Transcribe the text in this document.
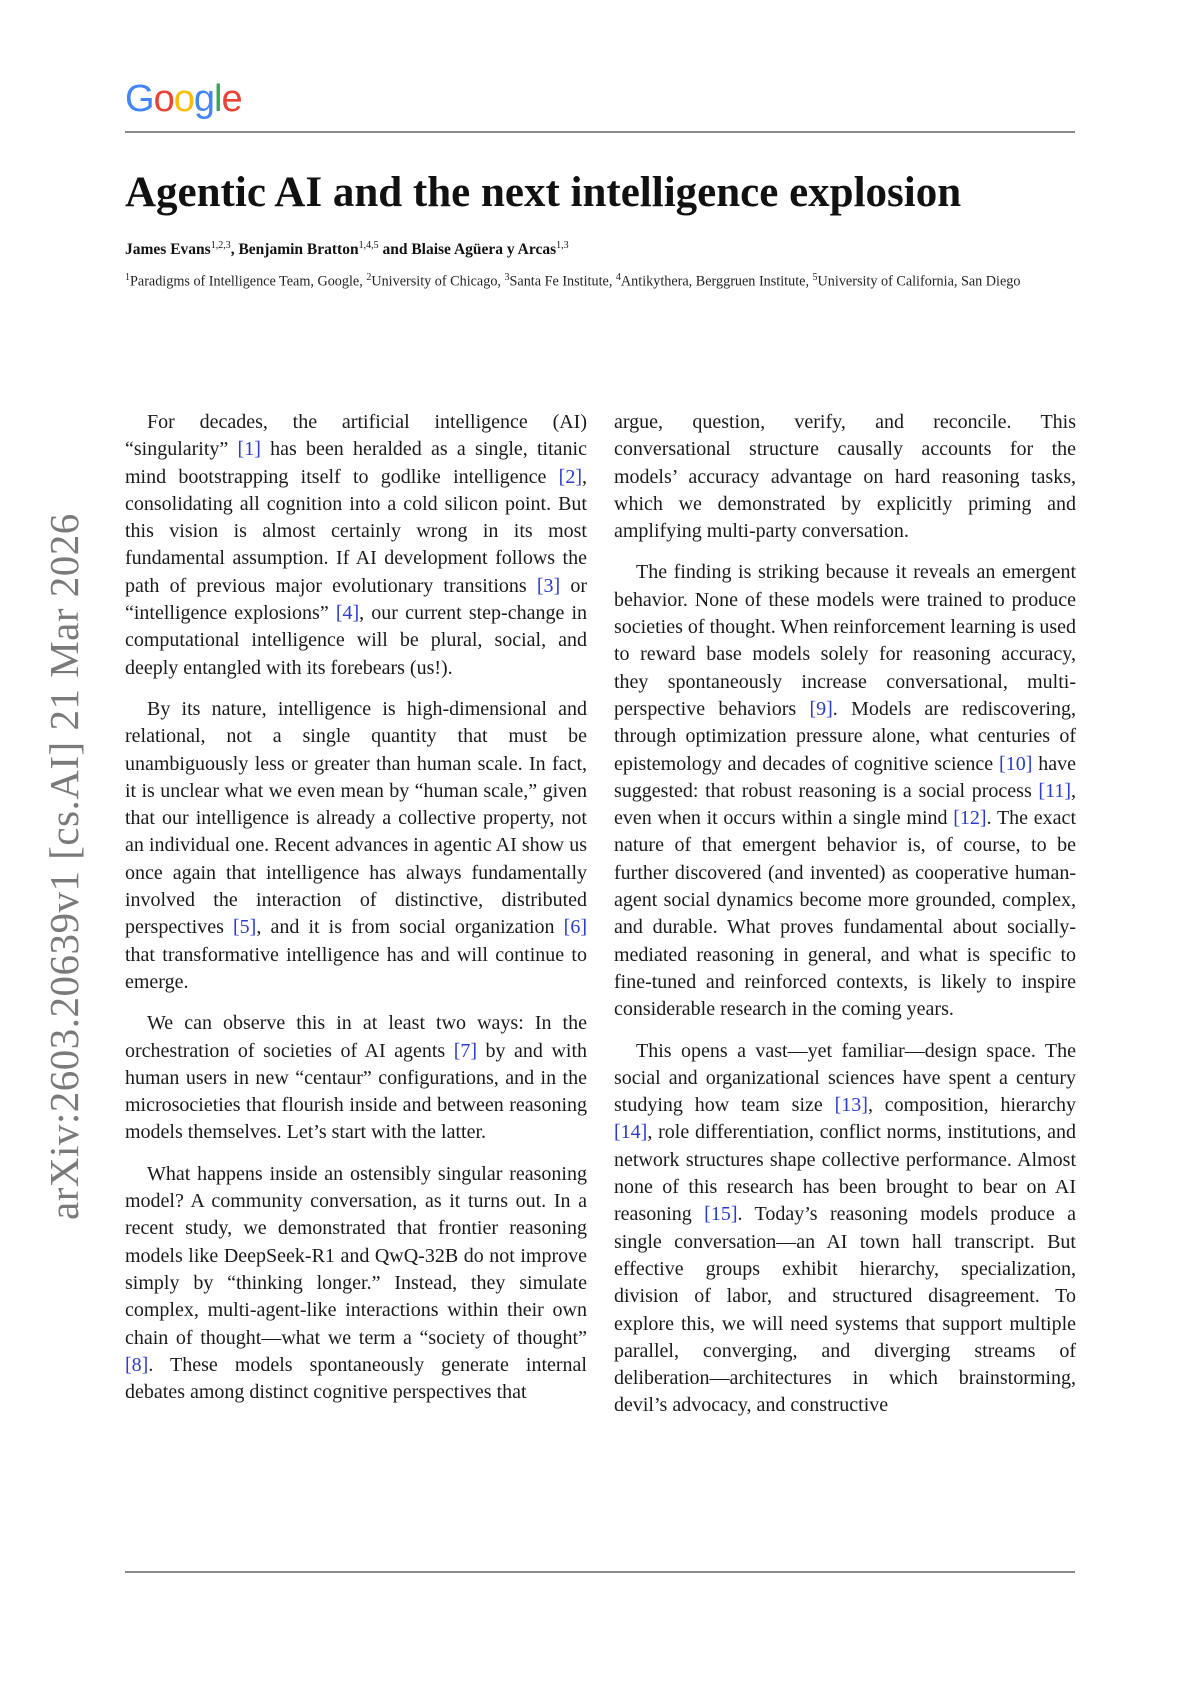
Google
Agentic AI and the next intelligence explosion
James Evans$^{1,2,3}$, Benjamin Bratton$^{1,4,5}$ and Blaise Agüera y Arcas$^{1,3}$
$^1$Paradigms of Intelligence Team, Google, $^2$University of Chicago, $^3$Santa Fe Institute, $^4$Antikythera, Berggruen Institute, $^5$University of California, San Diego
arXiv:2603.20639v1 [cs.AI] 21 Mar 2026

For decades, the artificial intelligence (AI) “singularity” [1] has been heralded as a single, titanic mind bootstrapping itself to godlike intelligence [2], consolidating all cognition into a cold silicon point. But this vision is almost certainly wrong in its most fundamental assumption. If AI development follows the path of previous major evolutionary transitions [3] or “intelligence explosions” [4], our current step-change in computational intelligence will be plural, social, and deeply entangled with its forebears (us!).

By its nature, intelligence is high-dimensional and relational, not a single quantity that must be unambiguously less or greater than human scale. In fact, it is unclear what we even mean by “human scale,” given that our intelligence is already a collective property, not an individual one. Recent advances in agentic AI show us once again that intelligence has always fundamentally involved the interaction of distinctive, distributed perspectives [5], and it is from social organization [6] that transformative intelligence has and will continue to emerge.

We can observe this in at least two ways: In the orchestration of societies of AI agents [7] by and with human users in new “centaur” configurations, and in the microsocieties that flourish inside and between reasoning models themselves. Let’s start with the latter.

What happens inside an ostensibly singular reasoning model? A community conversation, as it turns out. In a recent study, we demonstrated that frontier reasoning models like DeepSeek-R1 and QwQ-32B do not improve simply by “thinking longer.” Instead, they simulate complex, multi-agent-like interactions within their own chain of thought—what we term a “society of thought” [8]. These models spontaneously generate internal debates among distinct cognitive perspectives that

argue, question, verify, and reconcile. This conversational structure causally accounts for the models’ accuracy advantage on hard reasoning tasks, which we demonstrated by explicitly priming and amplifying multi-party conversation.

The finding is striking because it reveals an emergent behavior. None of these models were trained to produce societies of thought. When reinforcement learning is used to reward base models solely for reasoning accuracy, they spontaneously increase conversational, multi-perspective behaviors [9]. Models are rediscovering, through optimization pressure alone, what centuries of epistemology and decades of cognitive science [10] have suggested: that robust reasoning is a social process [11], even when it occurs within a single mind [12]. The exact nature of that emergent behavior is, of course, to be further discovered (and invented) as cooperative human-agent social dynamics become more grounded, complex, and durable. What proves fundamental about socially-mediated reasoning in general, and what is specific to fine-tuned and reinforced contexts, is likely to inspire considerable research in the coming years.

This opens a vast—yet familiar—design space. The social and organizational sciences have spent a century studying how team size [13], composition, hierarchy [14], role differentiation, conflict norms, institutions, and network structures shape collective performance. Almost none of this research has been brought to bear on AI reasoning [15]. Today’s reasoning models produce a single conversation—an AI town hall transcript. But effective groups exhibit hierarchy, specialization, division of labor, and structured disagreement. To explore this, we will need systems that support multiple parallel, converging, and diverging streams of deliberation—architectures in which brainstorming, devil’s advocacy, and constructive
